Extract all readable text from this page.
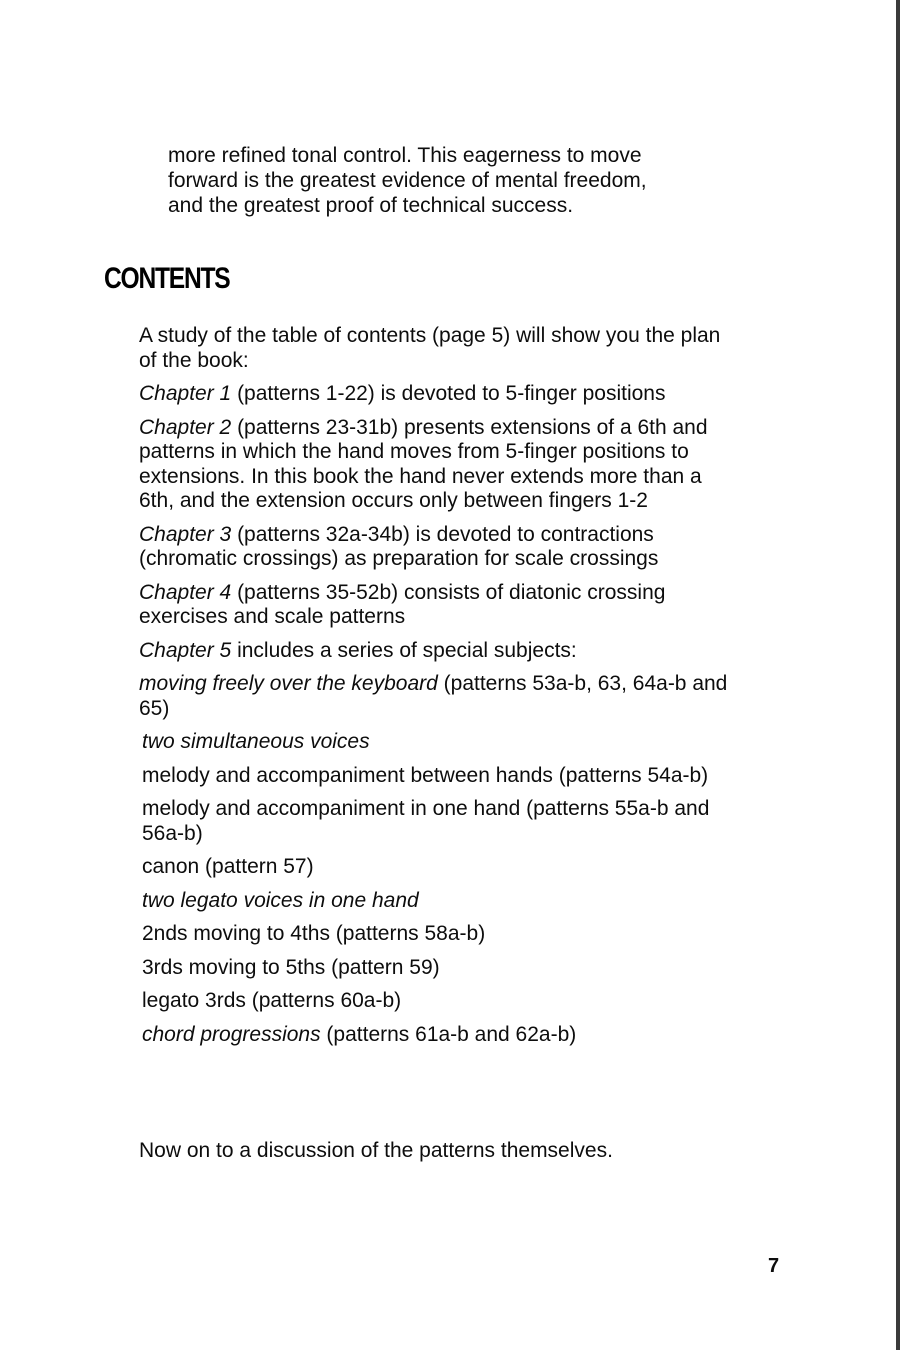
more refined tonal control. This eagerness to move
forward is the greatest evidence of mental freedom,
and the greatest proof of technical success.
CONTENTS

A study of the table of contents (page 5) will show you the plan of the book:

Chapter 1 (patterns 1-22) is devoted to 5-finger positions

Chapter 2 (patterns 23-31b) presents extensions of a 6th and patterns in which the hand moves from 5-finger positions to extensions. In this book the hand never extends more than a 6th, and the extension occurs only between fingers 1-2

Chapter 3 (patterns 32a-34b) is devoted to contractions (chromatic crossings) as preparation for scale crossings

Chapter 4 (patterns 35-52b) consists of diatonic crossing exercises and scale patterns

Chapter 5 includes a series of special subjects:

moving freely over the keyboard (patterns 53a-b, 63, 64a-b and 65)

two simultaneous voices

melody and accompaniment between hands (patterns 54a-b)

melody and accompaniment in one hand (patterns 55a-b and 56a-b)

canon (pattern 57)

two legato voices in one hand

2nds moving to 4ths (patterns 58a-b)

3rds moving to 5ths (pattern 59)

legato 3rds (patterns 60a-b)

chord progressions (patterns 61a-b and 62a-b)

Now on to a discussion of the patterns themselves.
7
